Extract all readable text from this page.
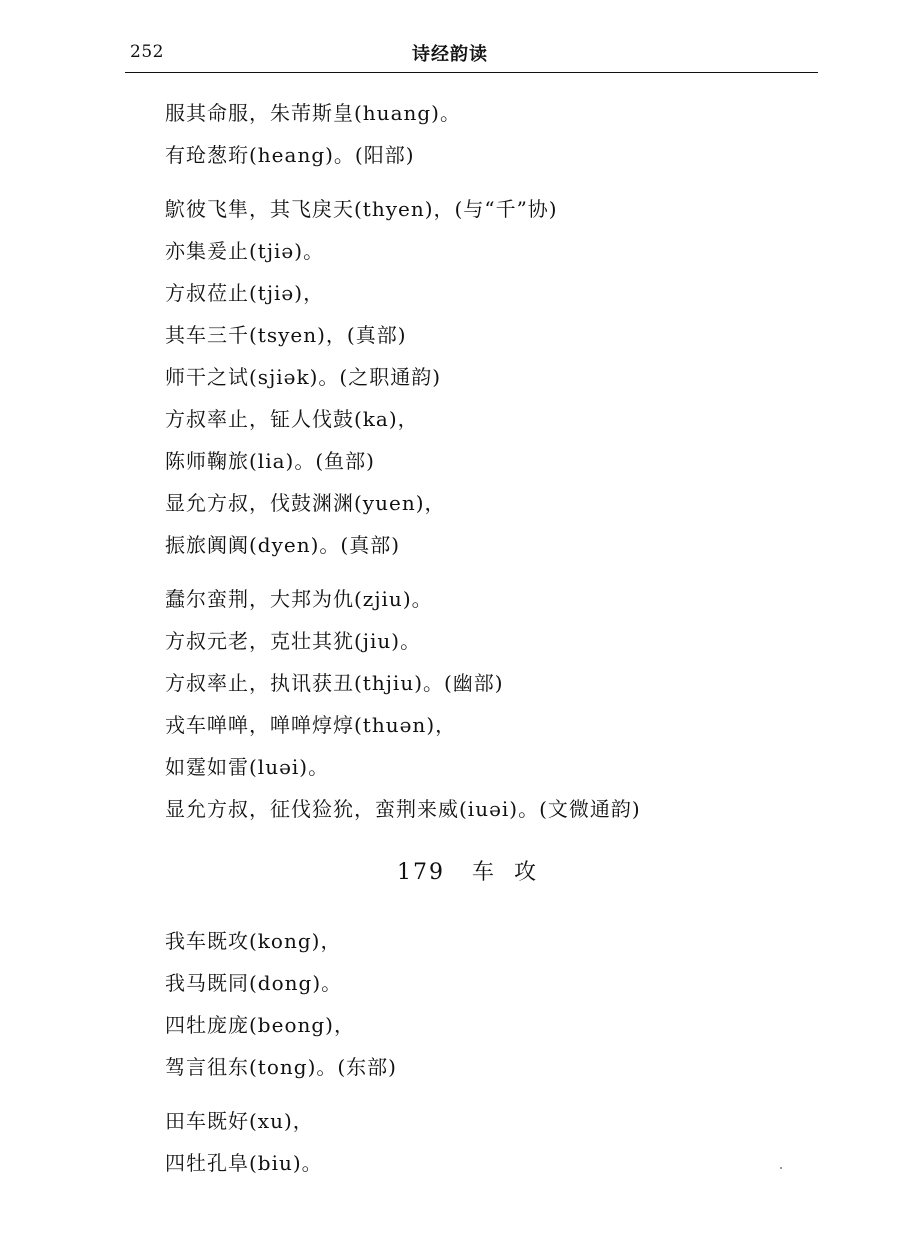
252	诗经韵读
服其命服，朱芾斯皇(huang)。
有玱葱珩(heang)。(阳部)
鴥彼飞隼，其飞戾天(thyen)，(与“千”协)
亦集爰止(tjiə)。
方叔莅止(tjiə)，
其车三千(tsyen)，(真部)
师干之试(sjiək)。(之职通韵)
方叔率止，钲人伐鼓(ka)，
陈师鞠旅(lia)。(鱼部)
显允方叔，伐鼓渊渊(yuen)，
振旅阗阗(dyen)。(真部)
蠢尔蛮荆，大邦为仇(zjiu)。
方叔元老，克壮其犹(jiu)。
方叔率止，执讯获丑(thjiu)。(幽部)
戎车啴啴，啴啴焞焞(thuən)，
如霆如雷(luəi)。
显允方叔，征伐猃狁，蛮荆来威(iuəi)。(文微通韵)
179 车  攻
我车既攻(kong)，
我马既同(dong)。
四牡庞庞(beong)，
驾言徂东(tong)。(东部)
田车既好(xu)，
四牡孔阜(biu)。
